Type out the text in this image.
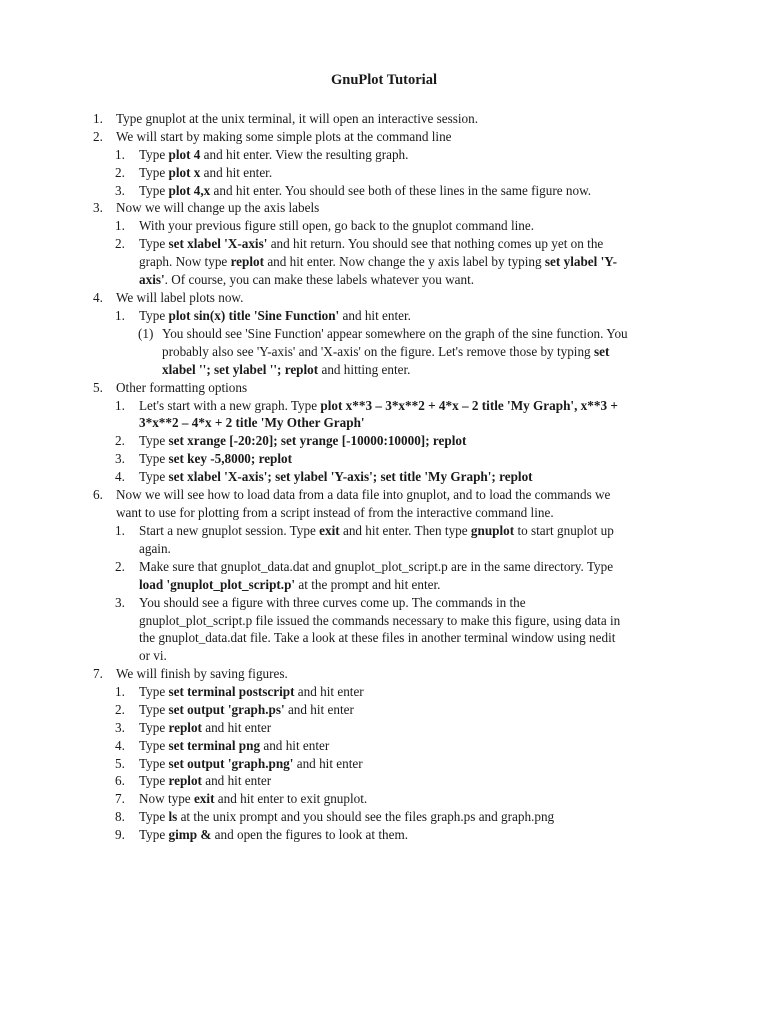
GnuPlot Tutorial
1. Type gnuplot at the unix terminal, it will open an interactive session.
2. We will start by making some simple plots at the command line
1.	Type plot 4 and hit enter. View the resulting graph.
2.	Type plot x and hit enter.
3.	Type plot 4,x and hit enter. You should see both of these lines in the same figure now.
3. Now we will change up the axis labels
1.	With your previous figure still open, go back to the gnuplot command line.
2.	Type set xlabel 'X-axis' and hit return. You should see that nothing comes up yet on the
graph. Now type replot and hit enter. Now change the y axis label by typing set ylabel 'Y-
axis'. Of course, you can make these labels whatever you want.
4. We will label plots now.
1.	Type plot sin(x) title 'Sine Function' and hit enter.
(1) You should see 'Sine Function' appear somewhere on the graph of the sine function. You
probably also see 'Y-axis' and 'X-axis' on the figure. Let's remove those by typing set
xlabel ''; set ylabel ''; replot and hitting enter.
5. Other formatting options
1.	Let's start with a new graph. Type plot x**3 – 3*x**2 + 4*x – 2 title 'My Graph', x**3 +
3*x**2 – 4*x + 2 title 'My Other Graph'
2.	Type set xrange [-20:20]; set yrange [-10000:10000]; replot
3.	Type set key -5,8000; replot
4.	Type set xlabel 'X-axis'; set ylabel 'Y-axis'; set title 'My Graph'; replot
6. Now we will see how to load data from a data file into gnuplot, and to load the commands we
want to use for plotting from a script instead of from the interactive command line.
1.	Start a new gnuplot session. Type exit and hit enter. Then type gnuplot to start gnuplot up
again.
2.	Make sure that gnuplot_data.dat and gnuplot_plot_script.p are in the same directory. Type
load 'gnuplot_plot_script.p' at the prompt and hit enter.
3.	You should see a figure with three curves come up. The commands in the
gnuplot_plot_script.p file issued the commands necessary to make this figure, using data in
the gnuplot_data.dat file. Take a look at these files in another terminal window using nedit
or vi.
7. We will finish by saving figures.
1.	Type set terminal postscript and hit enter
2.	Type set output 'graph.ps' and hit enter
3.	Type replot and hit enter
4.	Type set terminal png and hit enter
5.	Type set output 'graph.png' and hit enter
6.	Type replot and hit enter
7.	Now type exit and hit enter to exit gnuplot.
8.	Type ls at the unix prompt and you should see the files graph.ps and graph.png
9.	Type gimp & and open the figures to look at them.
